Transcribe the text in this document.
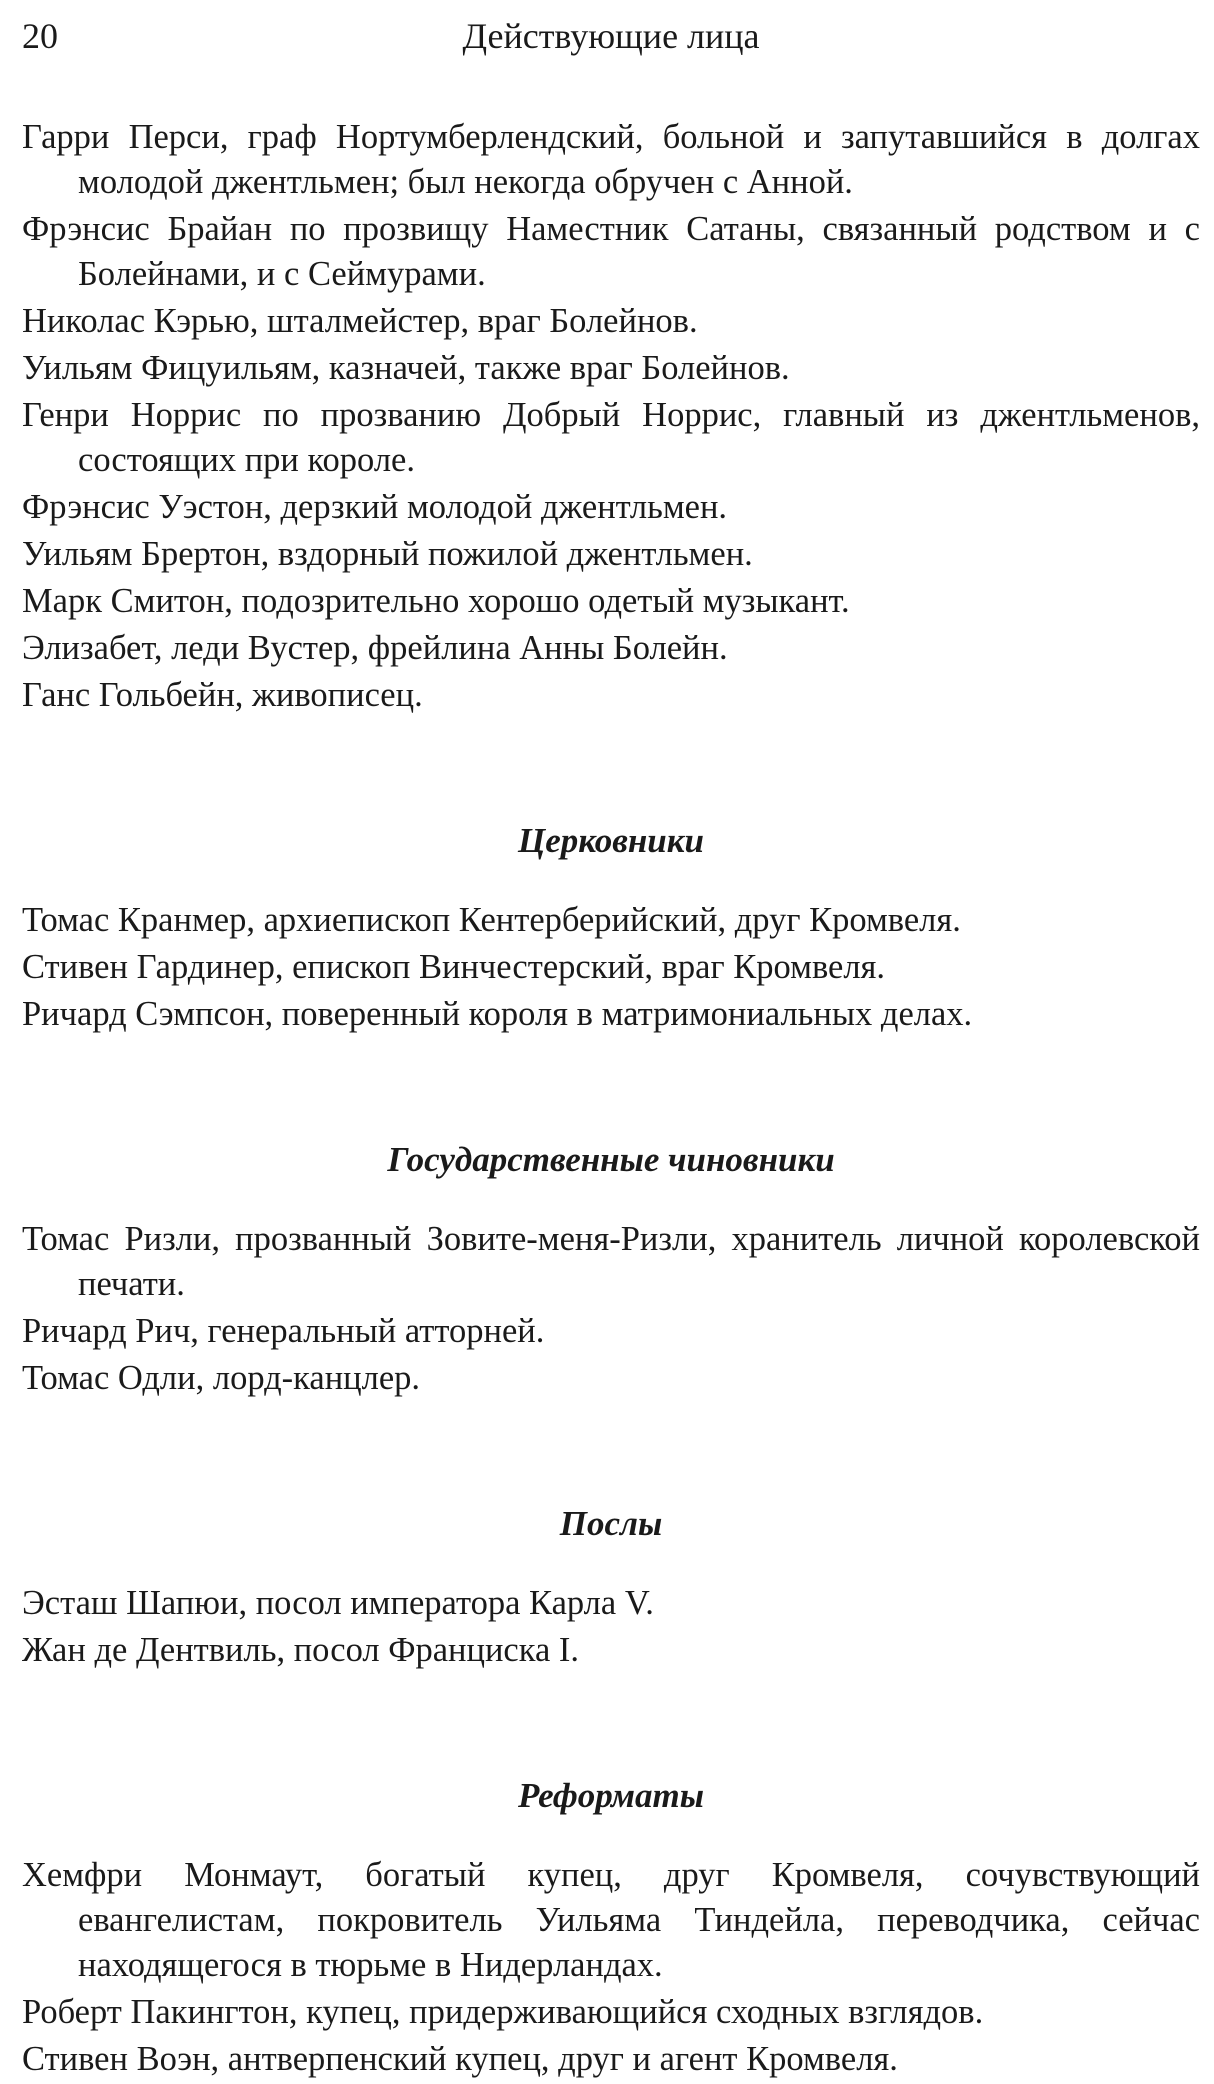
20	Действующие лица

Гарри Перси, граф Нортумберлендский, больной и запутавшийся в долгах молодой джентльмен; был некогда обручен с Анной.

Фрэнсис Брайан по прозвищу Наместник Сатаны, связанный родством и с Болейнами, и с Сеймурами.

Николас Кэрью, шталмейстер, враг Болейнов.

Уильям Фицуильям, казначей, также враг Болейнов.

Генри Норрис по прозванию Добрый Норрис, главный из джентльменов, состоящих при короле.

Фрэнсис Уэстон, дерзкий молодой джентльмен.

Уильям Брертон, вздорный пожилой джентльмен.

Марк Смитон, подозрительно хорошо одетый музыкант.

Элизабет, леди Вустер, фрейлина Анны Болейн.

Ганс Гольбейн, живописец.

Церковники

Томас Кранмер, архиепископ Кентерберийский, друг Кромвеля.

Стивен Гардинер, епископ Винчестерский, враг Кромвеля.

Ричард Сэмпсон, поверенный короля в матримониальных делах.

Государственные чиновники

Томас Ризли, прозванный Зовите-меня-Ризли, хранитель личной королевской печати.

Ричард Рич, генеральный атторней.

Томас Одли, лорд-канцлер.

Послы

Эсташ Шапюи, посол императора Карла V.

Жан де Дентвиль, посол Франциска I.

Реформаты

Хемфри Монмаут, богатый купец, друг Кромвеля, сочувствующий евангелистам, покровитель Уильяма Тиндейла, переводчика, сейчас находящегося в тюрьме в Нидерландах.

Роберт Пакингтон, купец, придерживающийся сходных взглядов.

Стивен Воэн, антверпенский купец, друг и агент Кромвеля.
